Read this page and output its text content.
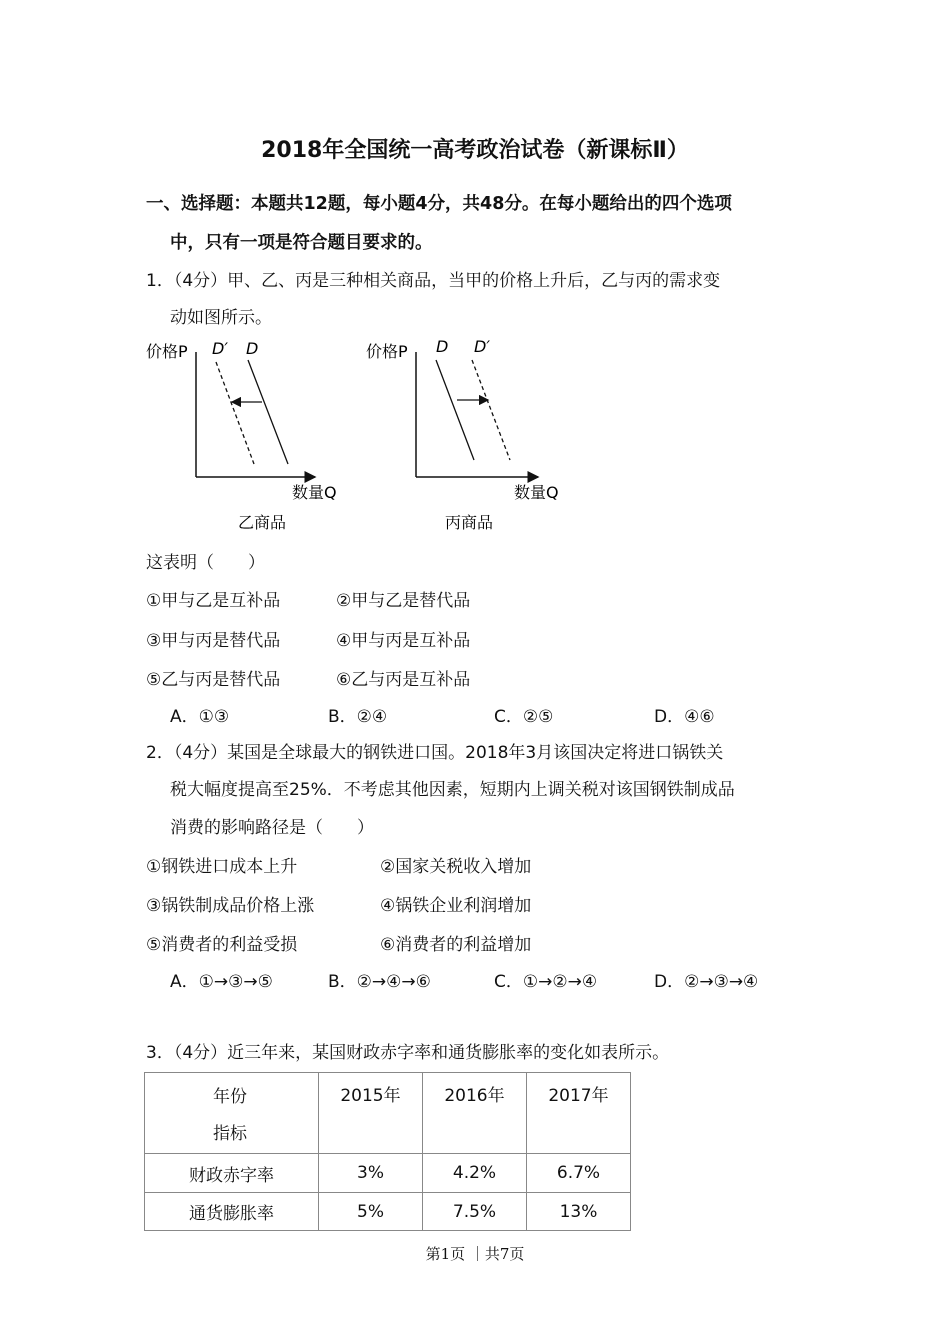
2018年全国统一高考政治试卷（新课标Ⅱ）
一、选择题：本题共12题，每小题4分，共48分。在每小题给出的四个选项
中，只有一项是符合题目要求的。
1．（4分）甲、乙、丙是三种相关商品，当甲的价格上升后，乙与丙的需求变
动如图所示。
价格P
数量Q
D′ D
乙商品
价格P
数量Q
D D′
丙商品
这表明（　　）
①甲与乙是互补品	②甲与乙是替代品
③甲与丙是替代品	④甲与丙是互补品
⑤乙与丙是替代品	⑥乙与丙是互补品
A．①③	B．②④	C．②⑤	D．④⑥
2．（4分）某国是全球最大的钢铁进口国。2018年3月该国决定将进口锅铁关
税大幅度提高至25%．不考虑其他因素，短期内上调关税对该国钢铁制成品
消费的影响路径是（　　）
①钢铁进口成本上升	②国家关税收入增加
③锅铁制成品价格上涨	④锅铁企业利润增加
⑤消费者的利益受损	⑥消费者的利益增加
A．①→③→⑤	B．②→④→⑥	C．①→②→④	D．②→③→④
3．（4分）近三年来，某国财政赤字率和通货膨胀率的变化如表所示。
年份
指标	2015年	2016年	2017年
财政赤字率	3%	4.2%	6.7%
通货膨胀率	5%	7.5%	13%
第1页 ｜共7页
